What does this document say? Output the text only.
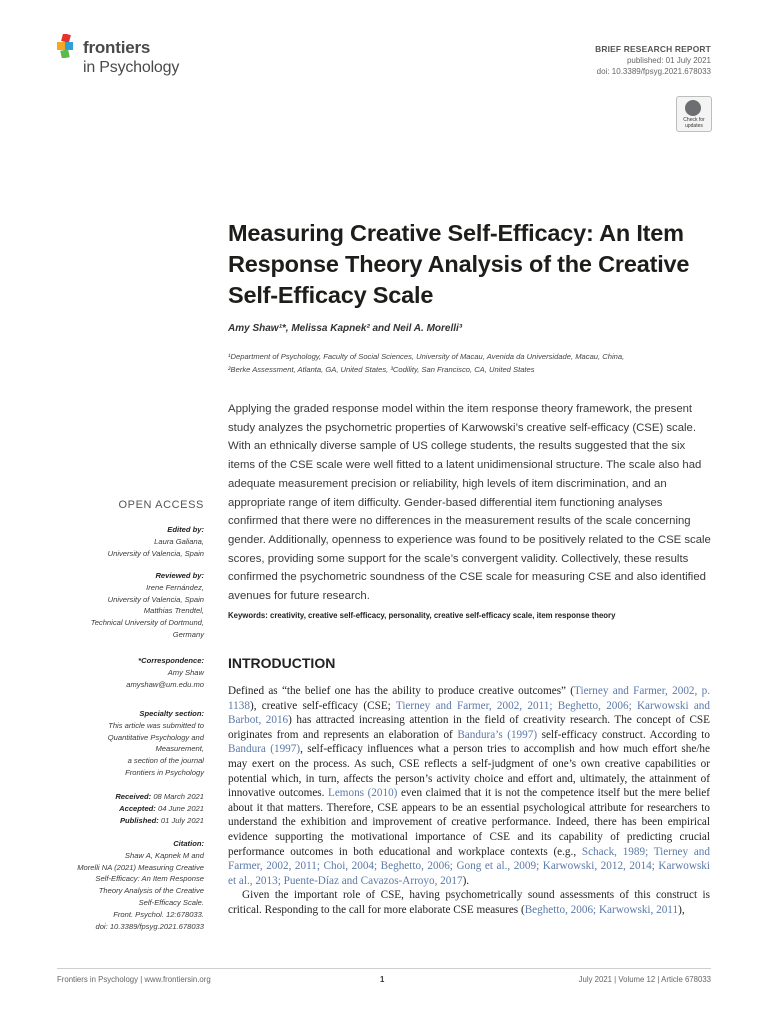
frontiers
in Psychology
BRIEF RESEARCH REPORT
published: 01 July 2021
doi: 10.3389/fpsyg.2021.678033
Check for updates
Measuring Creative Self-Efficacy: An Item Response Theory Analysis of the Creative Self-Efficacy Scale
Amy Shaw¹*, Melissa Kapnek² and Neil A. Morelli³
¹Department of Psychology, Faculty of Social Sciences, University of Macau, Avenida da Universidade, Macau, China,
²Berke Assessment, Atlanta, GA, United States, ³Codility, San Francisco, CA, United States
Applying the graded response model within the item response theory framework, the present study analyzes the psychometric properties of Karwowski’s creative self-efficacy (CSE) scale. With an ethnically diverse sample of US college students, the results suggested that the six items of the CSE scale were well fitted to a latent unidimensional structure. The scale also had adequate measurement precision or reliability, high levels of item discrimination, and an appropriate range of item difficulty. Gender-based differential item functioning analyses confirmed that there were no differences in the measurement results of the scale concerning gender. Additionally, openness to experience was found to be positively related to the CSE scale scores, providing some support for the scale’s convergent validity. Collectively, these results confirmed the psychometric soundness of the CSE scale for measuring CSE and also identified avenues for future research.
Keywords: creativity, creative self-efficacy, personality, creative self-efficacy scale, item response theory
OPEN ACCESS
Edited by:
Laura Galiana,
University of Valencia, Spain
Reviewed by:
Irene Fernández,
University of Valencia, Spain
Matthias Trendtel,
Technical University of Dortmund,
Germany
*Correspondence:
Amy Shaw
amyshaw@um.edu.mo
Specialty section:
This article was submitted to
Quantitative Psychology and
Measurement,
a section of the journal
Frontiers in Psychology
Received: 08 March 2021
Accepted: 04 June 2021
Published: 01 July 2021
Citation:
Shaw A, Kapnek M and
Morelli NA (2021) Measuring Creative
Self-Efficacy: An Item Response
Theory Analysis of the Creative
Self-Efficacy Scale.
Front. Psychol. 12:678033.
doi: 10.3389/fpsyg.2021.678033
INTRODUCTION

Defined as “the belief one has the ability to produce creative outcomes” (Tierney and Farmer, 2002, p. 1138), creative self-efficacy (CSE; Tierney and Farmer, 2002, 2011; Beghetto, 2006; Karwowski and Barbot, 2016) has attracted increasing attention in the field of creativity research. The concept of CSE originates from and represents an elaboration of Bandura’s (1997) self-efficacy construct. According to Bandura (1997), self-efficacy influences what a person tries to accomplish and how much effort she/he may exert on the process. As such, CSE reflects a self-judgment of one’s own creative capabilities or potential which, in turn, affects the person’s activity choice and effort and, ultimately, the attainment of innovative outcomes. Lemons (2010) even claimed that it is not the competence itself but the mere belief about it that matters. Therefore, CSE appears to be an essential psychological attribute for researchers to understand the exhibition and improvement of creative performance. Indeed, there has been empirical evidence supporting the motivational importance of CSE and its capability of predicting crucial performance outcomes in both educational and workplace contexts (e.g., Schack, 1989; Tierney and Farmer, 2002, 2011; Choi, 2004; Beghetto, 2006; Gong et al., 2009; Karwowski, 2012, 2014; Karwowski et al., 2013; Puente-Díaz and Cavazos-Arroyo, 2017).

Given the important role of CSE, having psychometrically sound assessments of this construct is critical. Responding to the call for more elaborate CSE measures (Beghetto, 2006; Karwowski, 2011),

Frontiers in Psychology | www.frontiersin.org	1	July 2021 | Volume 12 | Article 678033
